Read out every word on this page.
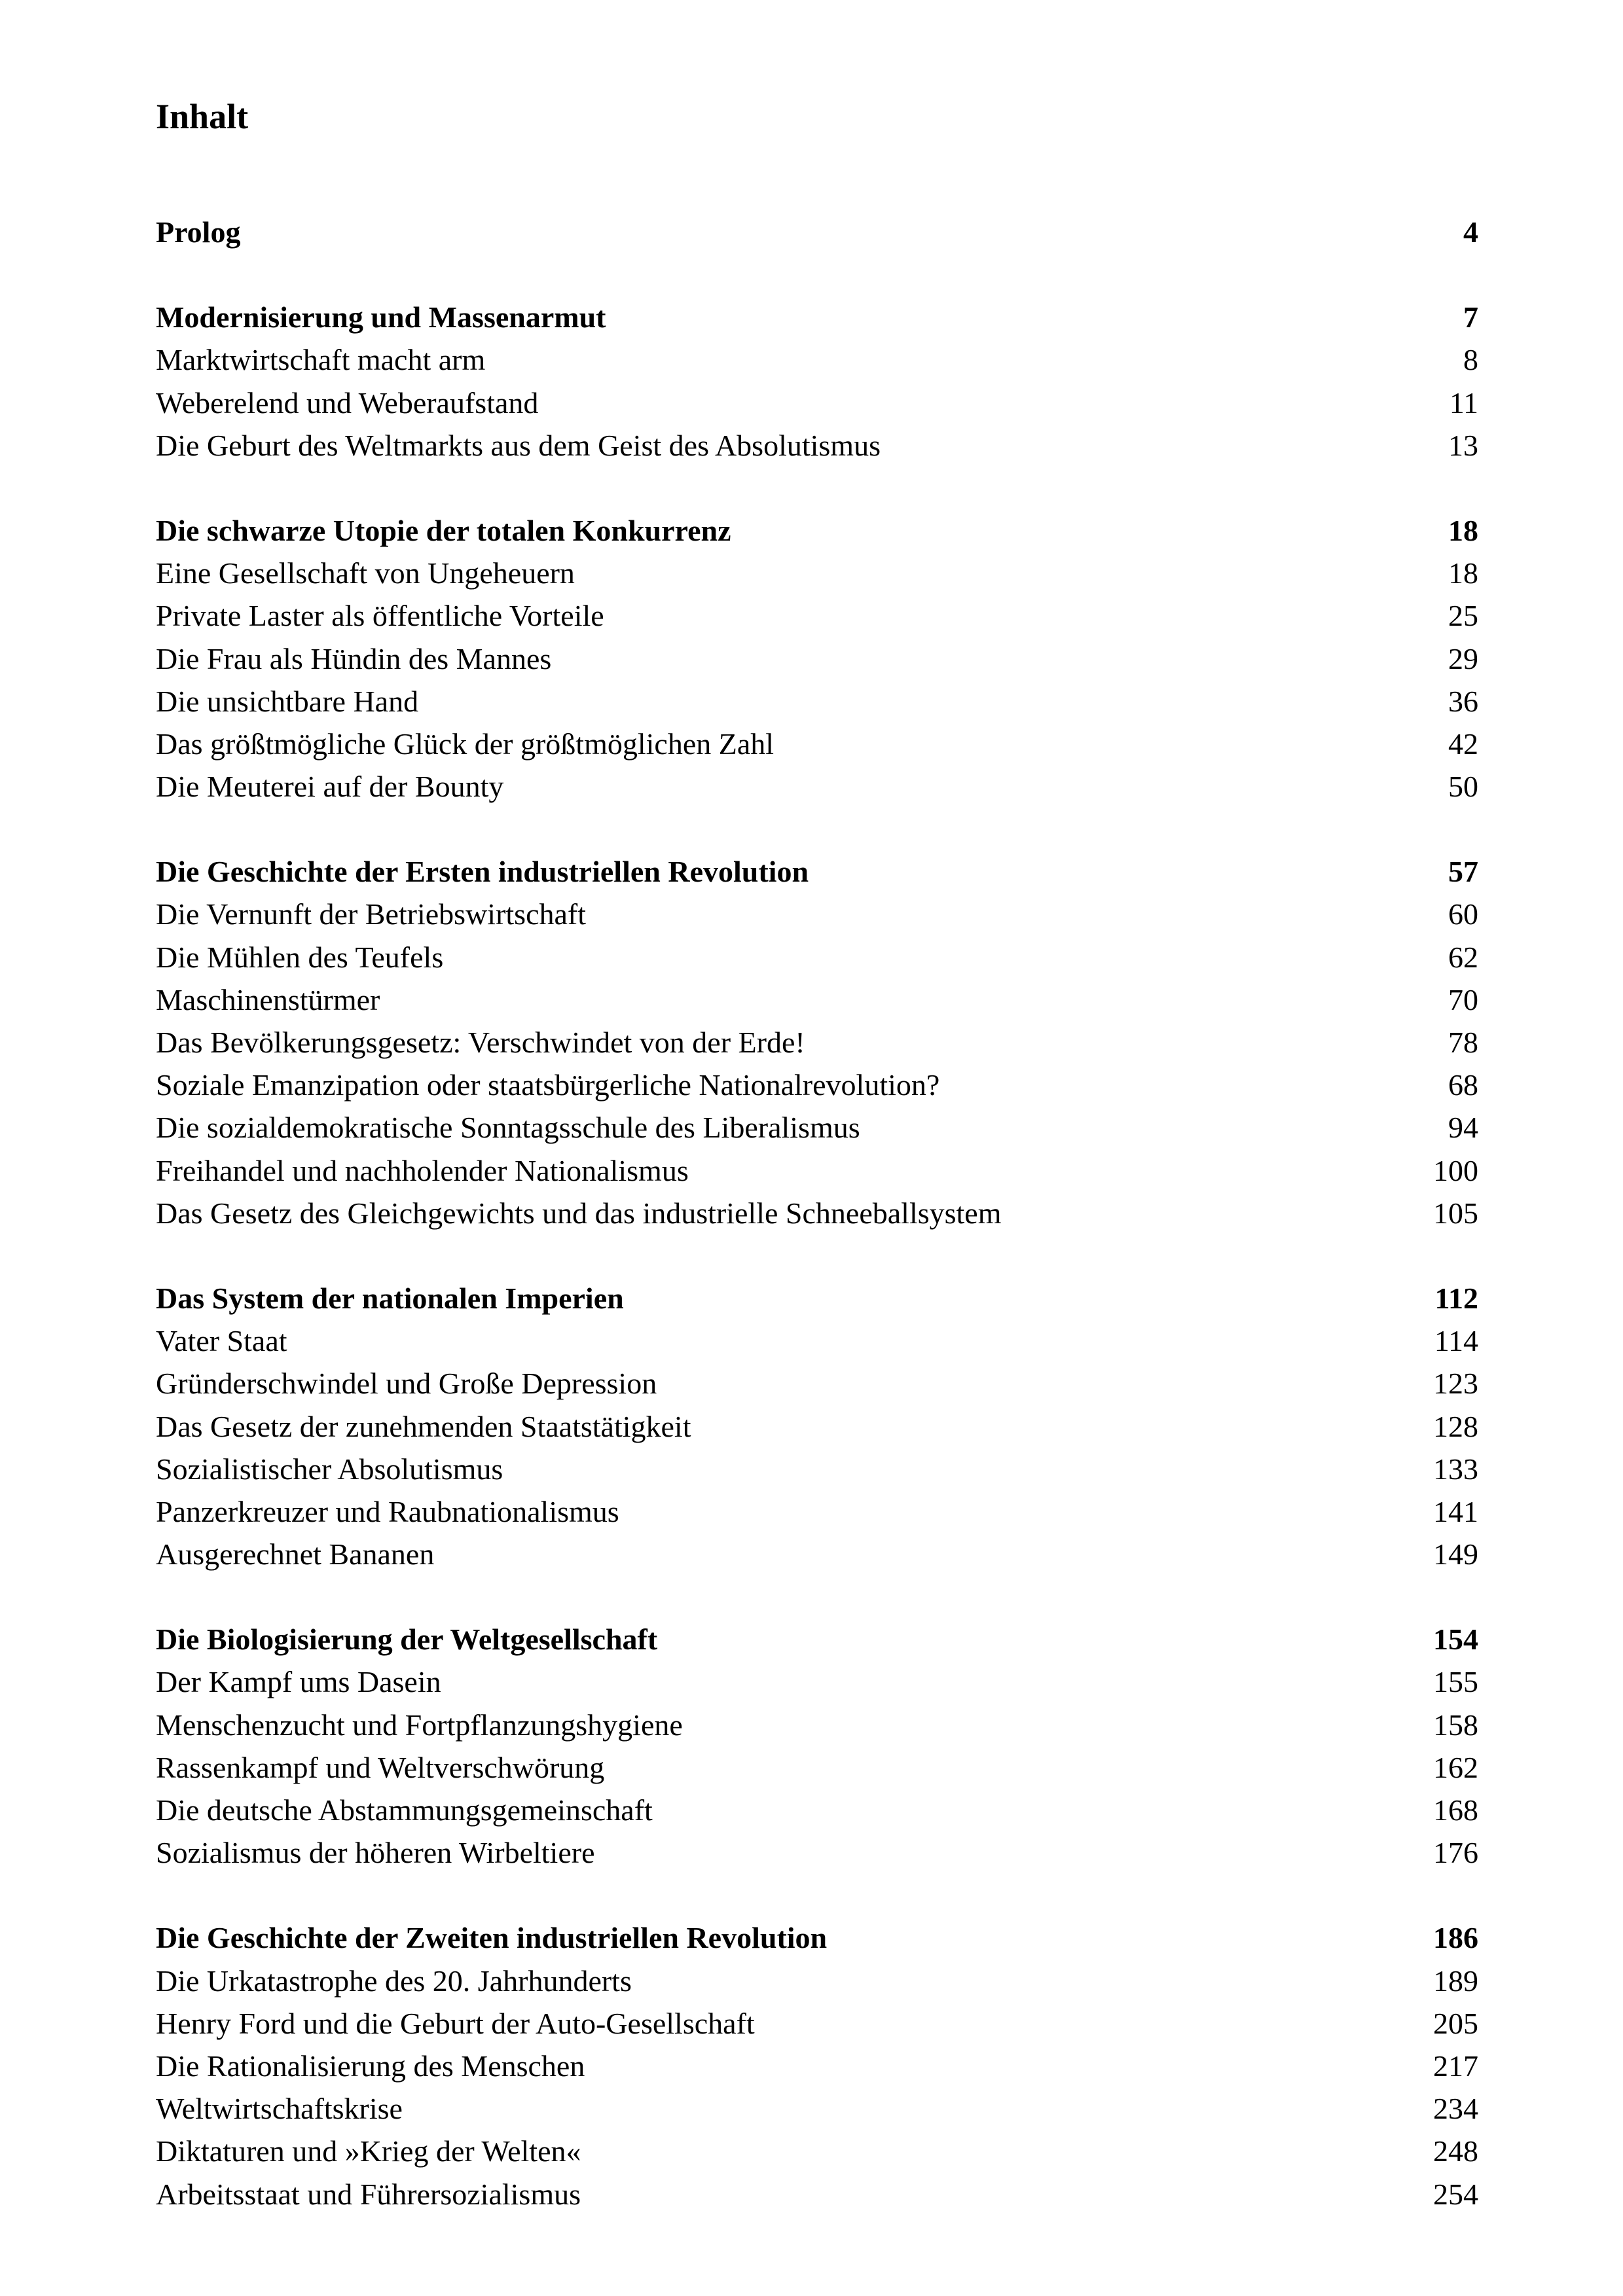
Inhalt
Prolog	4
Modernisierung und Massenarmut	7
Marktwirtschaft macht arm	8
Weberelend und Weberaufstand	11
Die Geburt des Weltmarkts aus dem Geist des Absolutismus	13
Die schwarze Utopie der totalen Konkurrenz	18
Eine Gesellschaft von Ungeheuern	18
Private Laster als öffentliche Vorteile	25
Die Frau als Hündin des Mannes	29
Die unsichtbare Hand	36
Das größtmögliche Glück der größtmöglichen Zahl	42
Die Meuterei auf der Bounty	50
Die Geschichte der Ersten industriellen Revolution	57
Die Vernunft der Betriebswirtschaft	60
Die Mühlen des Teufels	62
Maschinenstürmer	70
Das Bevölkerungsgesetz: Verschwindet von der Erde!	78
Soziale Emanzipation oder staatsbürgerliche Nationalrevolution?	68
Die sozialdemokratische Sonntagsschule des Liberalismus	94
Freihandel und nachholender Nationalismus	100
Das Gesetz des Gleichgewichts und das industrielle Schneeballsystem	105
Das System der nationalen Imperien	112
Vater Staat	114
Gründerschwindel und Große Depression	123
Das Gesetz der zunehmenden Staatstätigkeit	128
Sozialistischer Absolutismus	133
Panzerkreuzer und Raubnationalismus	141
Ausgerechnet Bananen	149
Die Biologisierung der Weltgesellschaft	154
Der Kampf ums Dasein	155
Menschenzucht und Fortpflanzungshygiene	158
Rassenkampf und Weltverschwörung	162
Die deutsche Abstammungsgemeinschaft	168
Sozialismus der höheren Wirbeltiere	176
Die Geschichte der Zweiten industriellen Revolution	186
Die Urkatastrophe des 20. Jahrhunderts	189
Henry Ford und die Geburt der Auto-Gesellschaft	205
Die Rationalisierung des Menschen	217
Weltwirtschaftskrise	234
Diktaturen und »Krieg der Welten«	248
Arbeitsstaat und Führersozialismus	254
